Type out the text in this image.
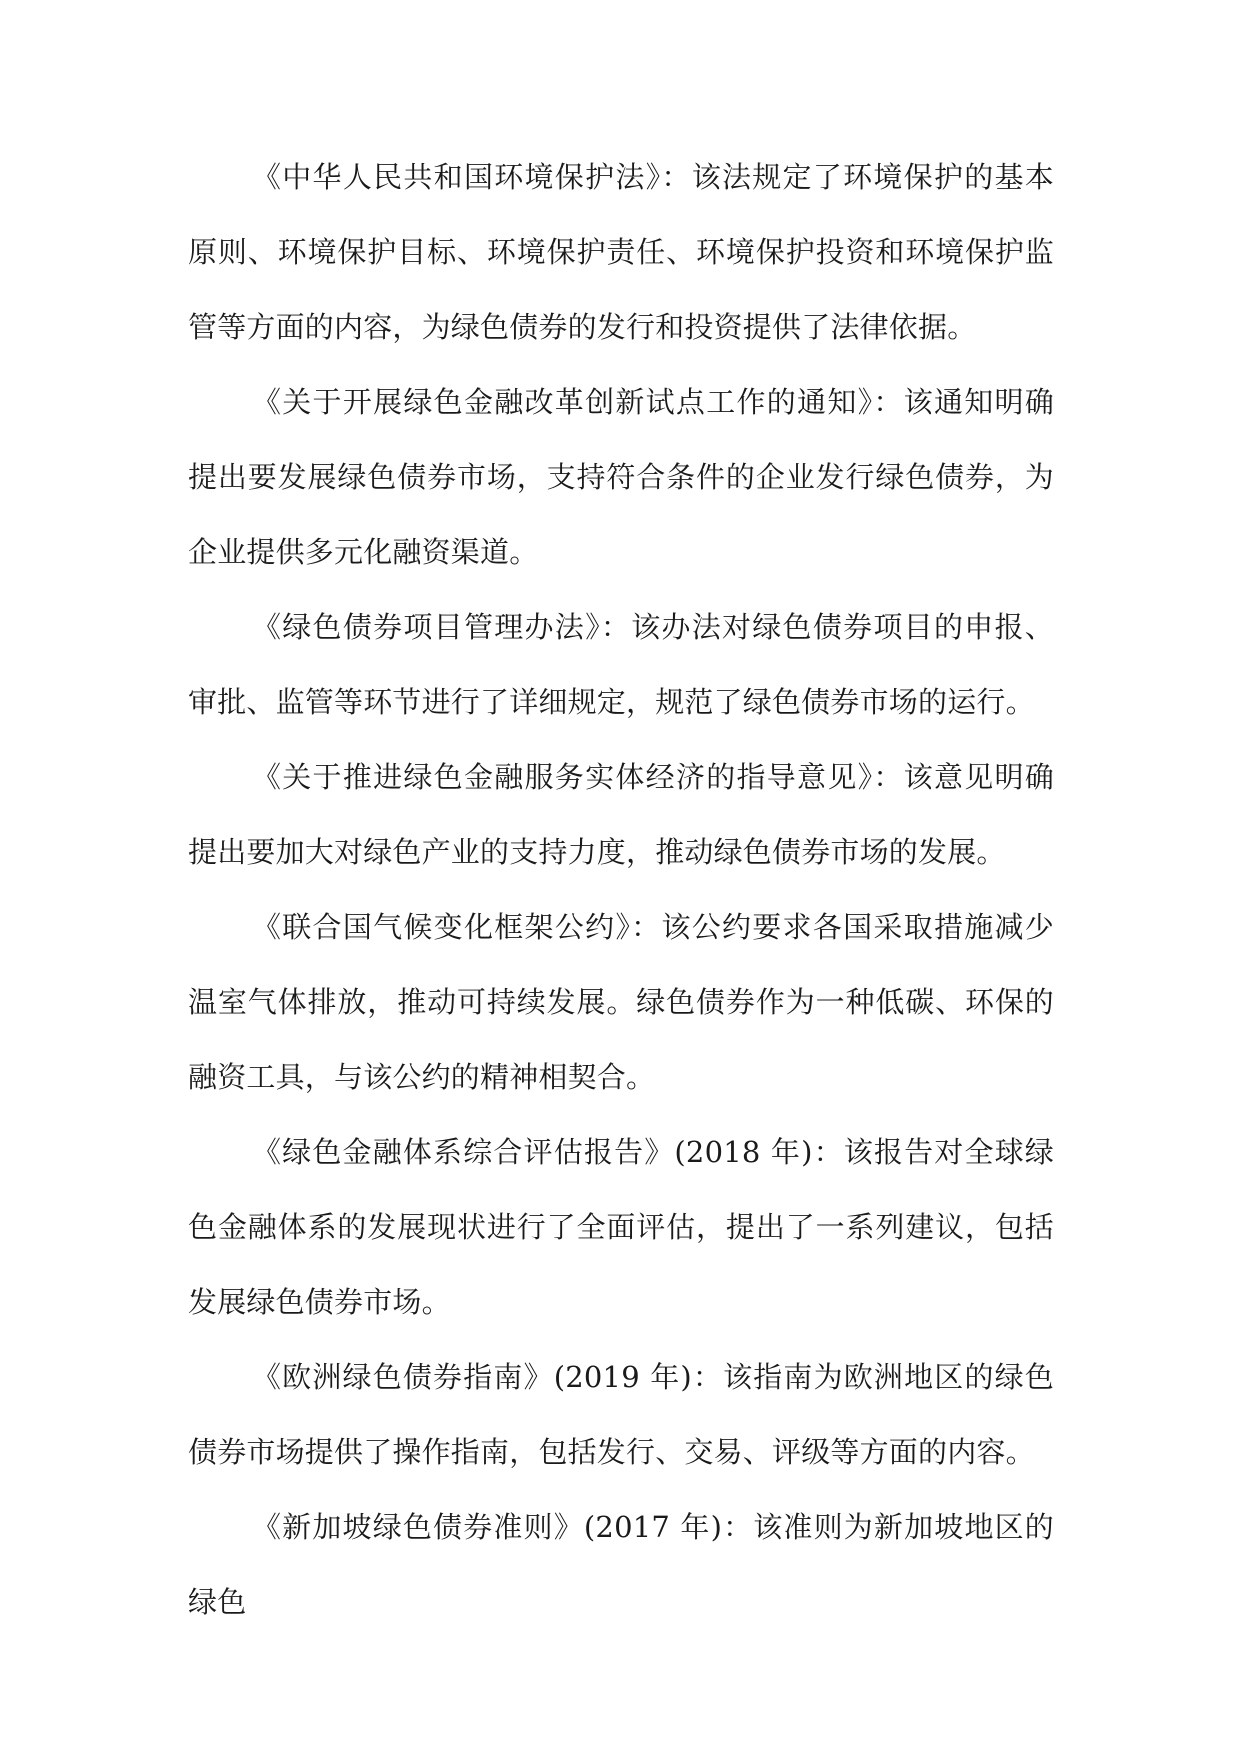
《中华人民共和国环境保护法》：该法规定了环境保护的基本原则、环境保护目标、环境保护责任、环境保护投资和环境保护监管等方面的内容，为绿色债券的发行和投资提供了法律依据。

《关于开展绿色金融改革创新试点工作的通知》：该通知明确提出要发展绿色债券市场，支持符合条件的企业发行绿色债券，为企业提供多元化融资渠道。

《绿色债券项目管理办法》：该办法对绿色债券项目的申报、审批、监管等环节进行了详细规定，规范了绿色债券市场的运行。

《关于推进绿色金融服务实体经济的指导意见》：该意见明确提出要加大对绿色产业的支持力度，推动绿色债券市场的发展。

《联合国气候变化框架公约》：该公约要求各国采取措施减少温室气体排放，推动可持续发展。绿色债券作为一种低碳、环保的融资工具，与该公约的精神相契合。

《绿色金融体系综合评估报告》(2018 年)：该报告对全球绿色金融体系的发展现状进行了全面评估，提出了一系列建议，包括发展绿色债券市场。

《欧洲绿色债券指南》(2019 年)：该指南为欧洲地区的绿色债券市场提供了操作指南，包括发行、交易、评级等方面的内容。

《新加坡绿色债券准则》(2017 年)：该准则为新加坡地区的绿色
